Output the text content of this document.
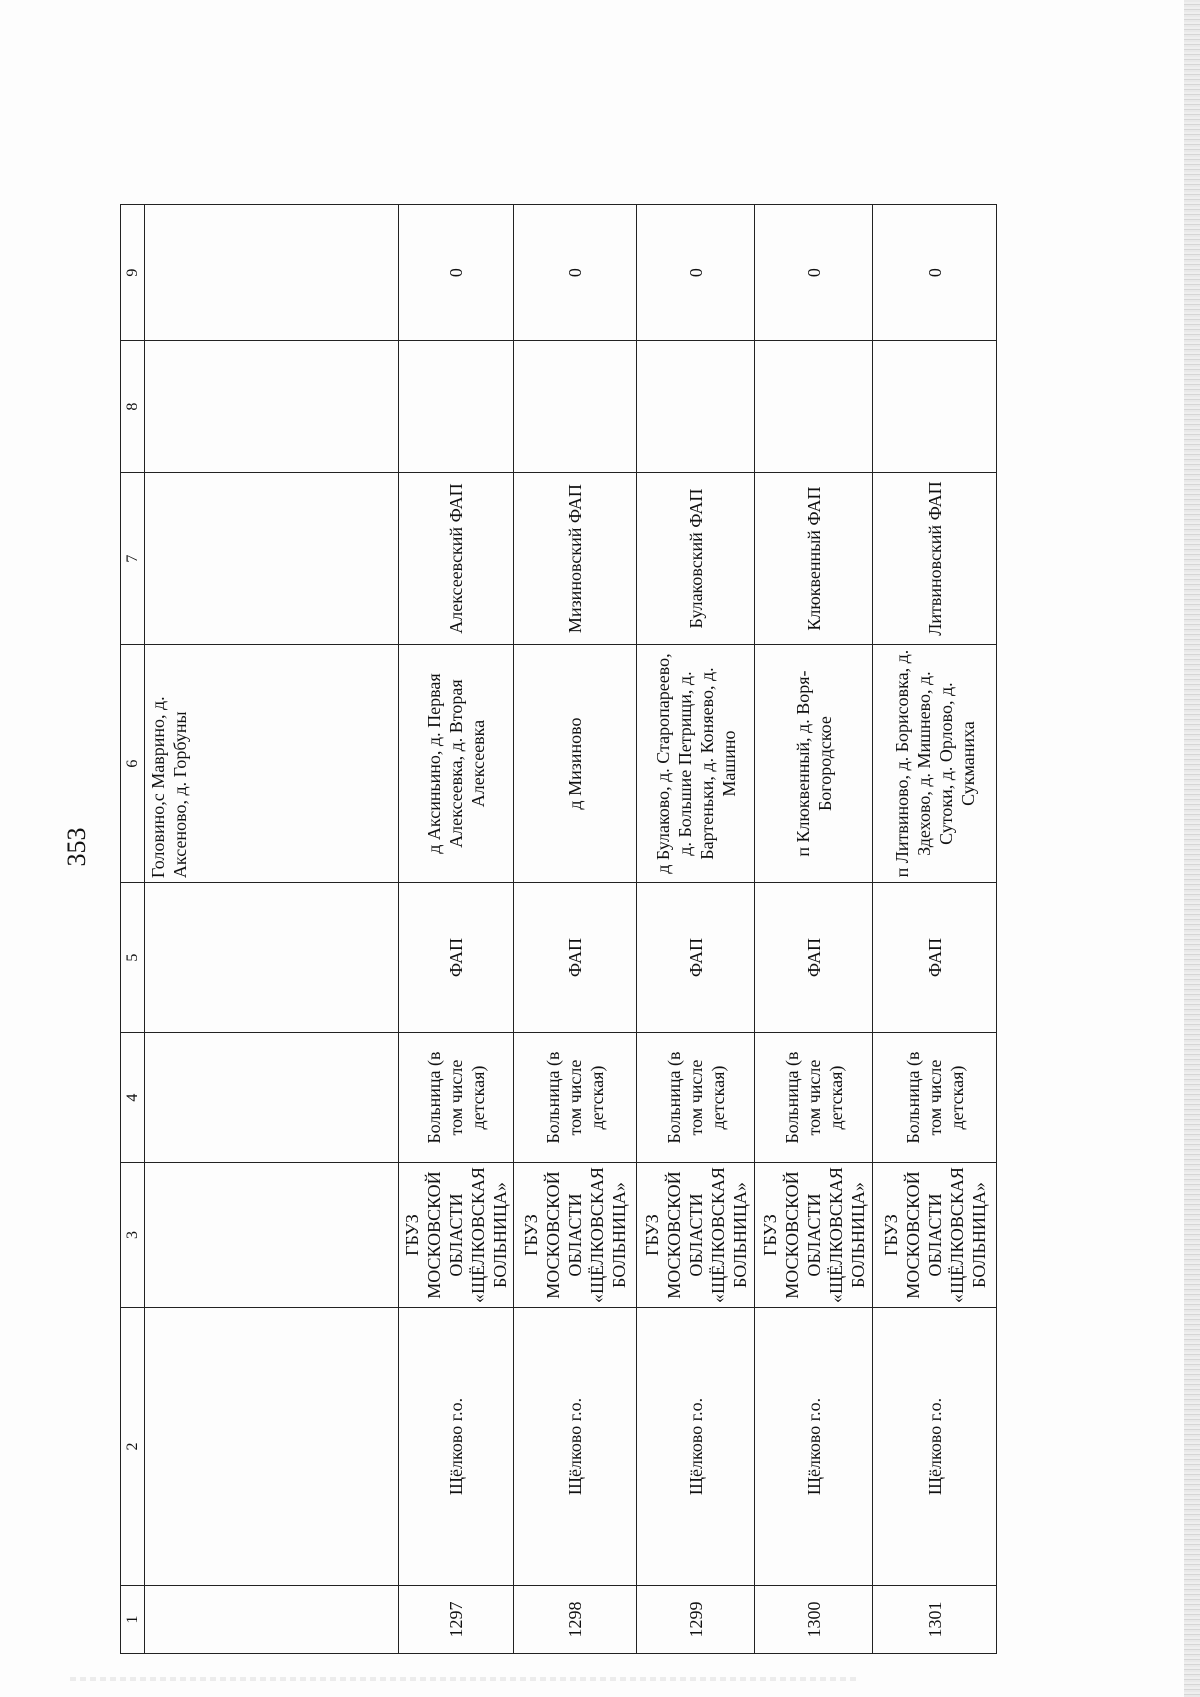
353
1	2	3	4	5	6	7	8	9
					Головино,с Маврино, д. Аксеново, д. Горбуны			
1297	Щёлково г.о.	ГБУЗ МОСКОВСКОЙ ОБЛАСТИ «ЩЁЛКОВСКАЯ БОЛЬНИЦА»	Больница (в том числе детская)	ФАП	д Аксиньино, д. Первая Алексеевка, д. Вторая Алексеевка	Алексеевский ФАП		0
1298	Щёлково г.о.	ГБУЗ МОСКОВСКОЙ ОБЛАСТИ «ЩЁЛКОВСКАЯ БОЛЬНИЦА»	Больница (в том числе детская)	ФАП	д Мизиново	Мизиновский ФАП		0
1299	Щёлково г.о.	ГБУЗ МОСКОВСКОЙ ОБЛАСТИ «ЩЁЛКОВСКАЯ БОЛЬНИЦА»	Больница (в том числе детская)	ФАП	д Булаково, д. Старопареево, д. Большие Петрищи, д. Бартеньки, д. Коняево, д. Машино	Булаковский ФАП		0
1300	Щёлково г.о.	ГБУЗ МОСКОВСКОЙ ОБЛАСТИ «ЩЁЛКОВСКАЯ БОЛЬНИЦА»	Больница (в том числе детская)	ФАП	п Клюквенный, д. Воря-Богородское	Клюквенный ФАП		0
1301	Щёлково г.о.	ГБУЗ МОСКОВСКОЙ ОБЛАСТИ «ЩЁЛКОВСКАЯ БОЛЬНИЦА»	Больница (в том числе детская)	ФАП	п Литвиново, д. Борисовка, д. Здехово, д. Мишнево, д. Сутоки, д. Орлово, д. Сукманиха	Литвиновский ФАП		0
